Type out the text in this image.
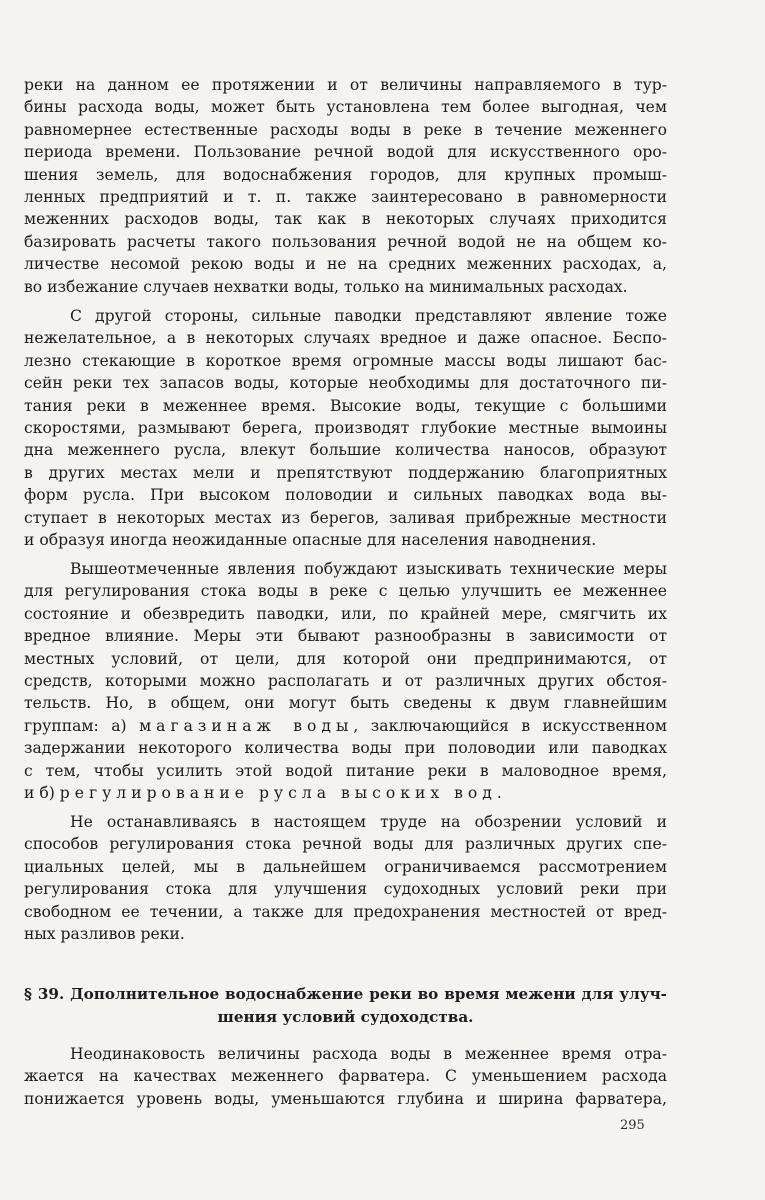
реки на данном ее протяжении и от величины направляемого в тур-
бины расхода воды, может быть установлена тем более выгодная, чем
равномернее естественные расходы воды в реке в течение меженнего
периода времени. Пользование речной водой для искусственного оро-
шения земель, для водоснабжения городов, для крупных промыш-
ленных предприятий и т. п. также заинтересовано в равномерности
меженних расходов воды, так как в некоторых случаях приходится
базировать расчеты такого пользования речной водой не на общем ко-
личестве несомой рекою воды и не на средних меженних расходах, а,
во избежание случаев нехватки воды, только на минимальных расходах.
С другой стороны, сильные паводки представляют явление тоже
нежелательное, а в некоторых случаях вредное и даже опасное. Беспо-
лезно стекающие в короткое время огромные массы воды лишают бас-
сейн реки тех запасов воды, которые необходимы для достаточного пи-
тания реки в меженнее время. Высокие воды, текущие с большими
скоростями, размывают берега, производят глубокие местные вымоины
дна меженнего русла, влекут большие количества наносов, образуют
в других местах мели и препятствуют поддержанию благоприятных
форм русла. При высоком половодии и сильных паводках вода вы-
ступает в некоторых местах из берегов, заливая прибрежные местности
и образуя иногда неожиданные опасные для населения наводнения.
Вышеотмеченные явления побуждают изыскивать технические меры
для регулирования стока воды в реке с целью улучшить ее меженнее
состояние и обезвредить паводки, или, по крайней мере, смягчить их
вредное влияние. Меры эти бывают разнообразны в зависимости от
местных условий, от цели, для которой они предпринимаются, от
средств, которыми можно располагать и от различных других обстоя-
тельств. Но, в общем, они могут быть сведены к двум главнейшим
группам: а) магазинаж воды, заключающийся в искусственном
задержании некоторого количества воды при половодии или паводках
с тем, чтобы усилить этой водой питание реки в маловодное время,
и б) регулирование русла высоких вод.
Не останавливаясь в настоящем труде на обозрении условий и
способов регулирования стока речной воды для различных других спе-
циальных целей, мы в дальнейшем ограничиваемся рассмотрением
регулирования стока для улучшения судоходных условий реки при
свободном ее течении, а также для предохранения местностей от вред-
ных разливов реки.
§ 39. Дополнительное водоснабжение реки во время межени для улуч-
шения условий судоходства.
Неодинаковость величины расхода воды в меженнее время отра-
жается на качествах меженнего фарватера. С уменьшением расхода
понижается уровень воды, уменьшаются глубина и ширина фарватера,
295
